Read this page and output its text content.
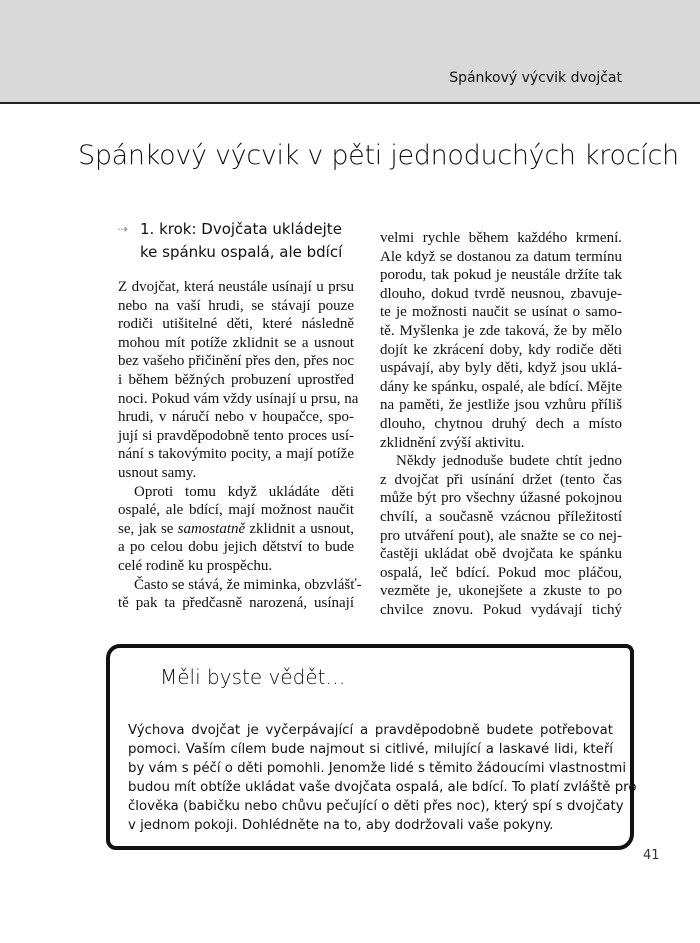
Spánkový výcvik dvojčat
Spánkový výcvik v pěti jednoduchých krocích
⇢ 1. krok: Dvojčata ukládejte
ke spánku ospalá, ale bdící
Z dvojčat, která neustále usínají u prsu
nebo na vaší hrudi, se stávají pouze
rodiči utišitelné děti, které následně
mohou mít potíže zklidnit se a usnout
bez vašeho přičinění přes den, přes noc
i během běžných probuzení uprostřed
noci. Pokud vám vždy usínají u prsu, na
hrudi, v náručí nebo v houpačce, spo-
jují si pravděpodobně tento proces usí-
nání s takovýmito pocity, a mají potíže
usnout samy.
Oproti tomu když ukládáte děti
ospalé, ale bdící, mají možnost naučit
se, jak se samostatně zklidnit a usnout,
a po celou dobu jejich dětství to bude
celé rodině ku prospěchu.
Často se stává, že miminka, obzvlášť-
tě pak ta předčasně narozená, usínají
velmi rychle během každého krmení.
Ale když se dostanou za datum termínu
porodu, tak pokud je neustále držíte tak
dlouho, dokud tvrdě neusnou, zbavuje-
te je možnosti naučit se usínat o samo-
tě. Myšlenka je zde taková, že by mělo
dojít ke zkrácení doby, kdy rodiče děti
uspávají, aby byly děti, když jsou uklá-
dány ke spánku, ospalé, ale bdící. Mějte
na paměti, že jestliže jsou vzhůru příliš
dlouho, chytnou druhý dech a místo
zklidnění zvýší aktivitu.
Někdy jednoduše budete chtít jedno
z dvojčat při usínání držet (tento čas
může být pro všechny úžasné pokojnou
chvílí, a současně vzácnou příležitostí
pro utváření pout), ale snažte se co nej-
častěji ukládat obě dvojčata ke spánku
ospalá, leč bdící. Pokud moc pláčou,
vezměte je, ukonejšete a zkuste to po
chvilce znovu. Pokud vydávají tichý
Měli byste vědět…
Výchova dvojčat je vyčerpávající a pravděpodobně budete potřebovat
pomoci. Vaším cílem bude najmout si citlivé, milující a laskavé lidi, kteří
by vám s péčí o děti pomohli. Jenomže lidé s těmito žádoucími vlastnostmi
budou mít obtíže ukládat vaše dvojčata ospalá, ale bdící. To platí zvláště pro
člověka (babičku nebo chůvu pečující o děti přes noc), který spí s dvojčaty
v jednom pokoji. Dohlédněte na to, aby dodržovali vaše pokyny.
41
